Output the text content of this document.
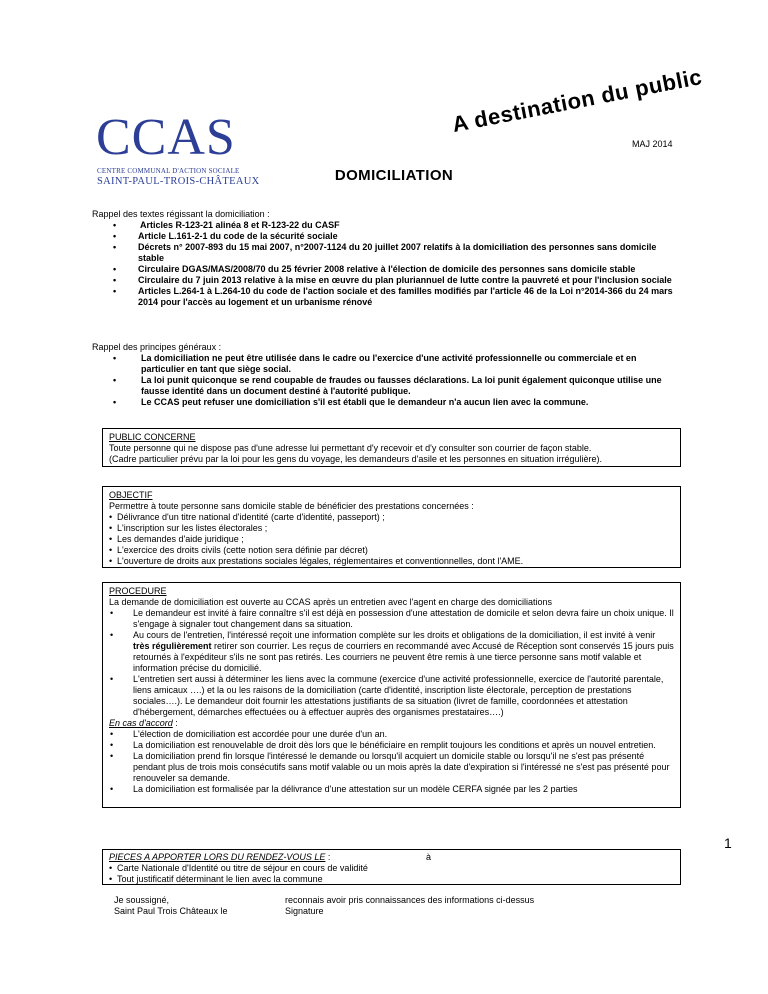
CCAS
CENTRE COMMUNAL D'ACTION SOCIALE
SAINT-PAUL-TROIS-CHÂTEAUX
A destination du public
MAJ 2014
DOMICILIATION
Rappel des textes régissant la domiciliation :
•	Articles R-123-21 alinéa 8 et R-123-22 du CASF
• Article L.161-2-1 du code de la sécurité sociale
• Décrets n° 2007-893 du 15 mai 2007, n°2007-1124 du 20 juillet 2007 relatifs à la domiciliation des personnes sans domicile stable
• Circulaire DGAS/MAS/2008/70 du 25 février 2008 relative à l'élection de domicile des personnes sans domicile stable
• Circulaire du 7 juin 2013 relative à la mise en œuvre du plan pluriannuel de lutte contre la pauvreté et pour l'inclusion sociale
• Articles L.264-1 à L.264-10 du code de l'action sociale et des familles modifiés par l'article 46 de la Loi n°2014-366 du 24 mars 2014 pour l'accès au logement et un urbanisme rénové
Rappel des principes généraux :
•	La domiciliation ne peut être utilisée dans le cadre ou l'exercice d'une activité professionnelle ou commerciale et en particulier en tant que siège social.
•	La loi punit quiconque se rend coupable de fraudes ou fausses déclarations. La loi punit également quiconque utilise une fausse identité dans un document destiné à l'autorité publique.
•	Le CCAS peut refuser une domiciliation s'il est établi que le demandeur n'a aucun lien avec la commune.
PUBLIC CONCERNE
Toute personne qui ne dispose pas d'une adresse lui permettant d'y recevoir et d'y consulter son courrier de façon stable.
(Cadre particulier prévu par la loi pour les gens du voyage, les demandeurs d'asile et les personnes en situation irrégulière).
OBJECTIF
Permettre à toute personne sans domicile stable de bénéficier des prestations concernées :
• Délivrance d'un titre national d'identité (carte d'identité, passeport) ;
• L'inscription sur les listes électorales ;
• Les demandes d'aide juridique ;
• L'exercice des droits civils (cette notion sera définie par décret)
• L'ouverture de droits aux prestations sociales légales, réglementaires et conventionnelles, dont l'AME.
PROCEDURE
La demande de domiciliation est ouverte au CCAS après un entretien avec l'agent en charge des domiciliations
• Le demandeur est invité à faire connaître s'il est déjà en possession d'une attestation de domicile et selon devra faire un choix unique. Il s'engage à signaler tout changement dans sa situation.
• Au cours de l'entretien, l'intéressé reçoit une information complète sur les droits et obligations de la domiciliation, il est invité à venir très régulièrement retirer son courrier. Les reçus de courriers en recommandé avec Accusé de Réception sont conservés 15 jours puis retournés à l'expéditeur s'ils ne sont pas retirés. Les courriers ne peuvent être remis à une tierce personne sans motif valable et information précise du domicilié.
• L'entretien sert aussi à déterminer les liens avec la commune (exercice d'une activité professionnelle, exercice de l'autorité parentale, liens amicaux ….) et la ou les raisons de la domiciliation (carte d'identité, inscription liste électorale, perception de prestations sociales….). Le demandeur doit fournir les attestations justifiants de sa situation (livret de famille, coordonnées et attestation d'hébergement, démarches effectuées ou à effectuer auprès des organismes prestataires….)
En cas d'accord :
• L'élection de domiciliation est accordée pour une durée d'un an.
• La domiciliation est renouvelable de droit dès lors que le bénéficiaire en remplit toujours les conditions et après un nouvel entretien.
• La domiciliation prend fin lorsque l'intéressé le demande ou lorsqu'il acquiert un domicile stable ou lorsqu'il ne s'est pas présenté pendant plus de trois mois consécutifs sans motif valable ou un mois après la date d'expiration si l'intéressé ne s'est pas présenté pour renouveler sa demande.
• La domiciliation est formalisée par la délivrance d'une attestation sur un modèle CERFA signée par les 2 parties
1
PIECES A APPORTER LORS DU RENDEZ-VOUS LE :	à
• Carte Nationale d'Identité ou titre de séjour en cours de validité
• Tout justificatif déterminant le lien avec la commune
Je soussigné,
Saint Paul Trois Châteaux le
reconnais avoir pris connaissances des informations ci-dessus
Signature
